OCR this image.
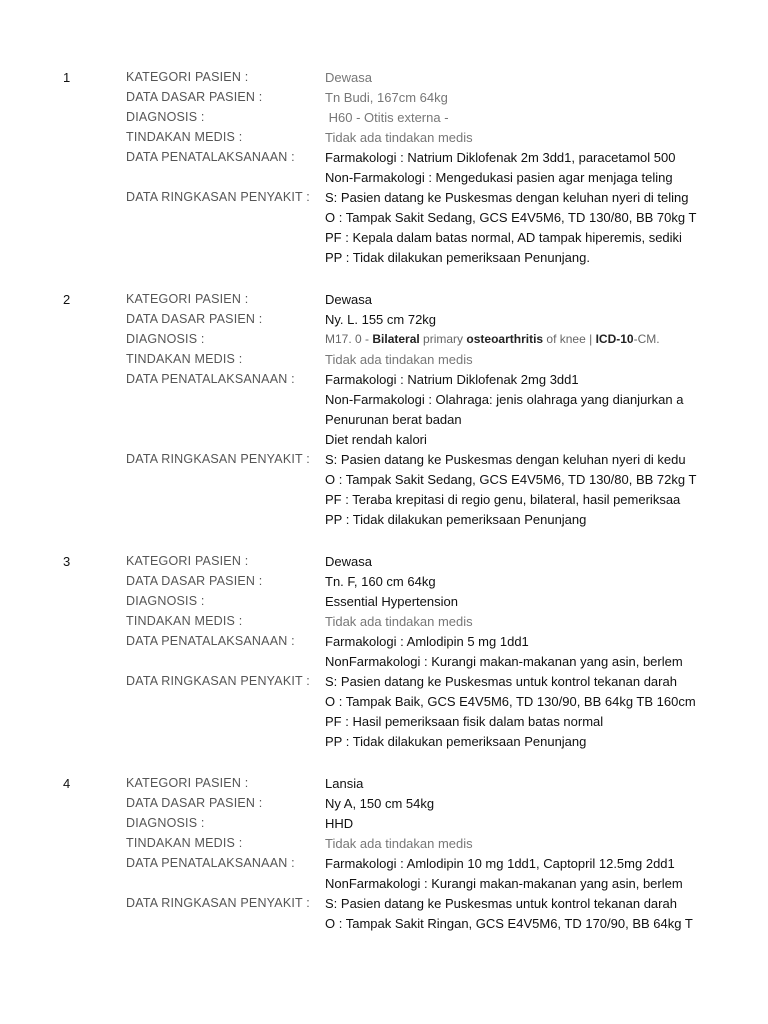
1	KATEGORI PASIEN :	Dewasa
DATA DASAR PASIEN :	Tn Budi, 167cm 64kg
DIAGNOSIS :	H60 - Otitis externa -
TINDAKAN MEDIS :	Tidak ada tindakan medis
DATA PENATALAKSANAAN : Farmakologi : Natrium Diklofenak 2m 3dd1, paracetamol 500
Non-Farmakologi : Mengedukasi pasien agar menjaga teling
DATA RINGKASAN PENYAKIT : S: Pasien datang ke Puskesmas dengan keluhan nyeri di teling
O : Tampak Sakit Sedang, GCS E4V5M6, TD 130/80, BB 70kg T
PF : Kepala dalam batas normal, AD tampak hiperemis, sediki
PP : Tidak dilakukan pemeriksaan Penunjang.
2	KATEGORI PASIEN :	Dewasa
DATA DASAR PASIEN :	Ny. L. 155 cm 72kg
DIAGNOSIS :	M17. 0 - Bilateral primary osteoarthritis of knee | ICD-10-CM.
TINDAKAN MEDIS :	Tidak ada tindakan medis
DATA PENATALAKSANAAN : Farmakologi : Natrium Diklofenak 2mg 3dd1
Non-Farmakologi : Olahraga: jenis olahraga yang dianjurkan a
Penurunan berat badan
Diet rendah kalori
DATA RINGKASAN PENYAKIT : S: Pasien datang ke Puskesmas dengan keluhan nyeri di kedu
O : Tampak Sakit Sedang, GCS E4V5M6, TD 130/80, BB 72kg T
PF : Teraba krepitasi di regio genu, bilateral, hasil pemeriksaa
PP : Tidak dilakukan pemeriksaan Penunjang
3	KATEGORI PASIEN :	Dewasa
DATA DASAR PASIEN :	Tn. F, 160 cm 64kg
DIAGNOSIS :	Essential Hypertension
TINDAKAN MEDIS :	Tidak ada tindakan medis
DATA PENATALAKSANAAN : Farmakologi : Amlodipin 5 mg 1dd1
NonFarmakologi : Kurangi makan-makanan yang asin, berlem
DATA RINGKASAN PENYAKIT : S: Pasien datang ke Puskesmas untuk kontrol tekanan darah
O : Tampak Baik, GCS E4V5M6, TD 130/90, BB 64kg TB 160cm
PF : Hasil pemeriksaan fisik dalam batas normal
PP : Tidak dilakukan pemeriksaan Penunjang
4	KATEGORI PASIEN :	Lansia
DATA DASAR PASIEN :	Ny A, 150 cm 54kg
DIAGNOSIS :	HHD
TINDAKAN MEDIS :	Tidak ada tindakan medis
DATA PENATALAKSANAAN : Farmakologi : Amlodipin 10 mg 1dd1, Captopril 12.5mg 2dd1
NonFarmakologi : Kurangi makan-makanan yang asin, berlem
DATA RINGKASAN PENYAKIT : S: Pasien datang ke Puskesmas untuk kontrol tekanan darah
O : Tampak Sakit Ringan, GCS E4V5M6, TD 170/90, BB 64kg T
